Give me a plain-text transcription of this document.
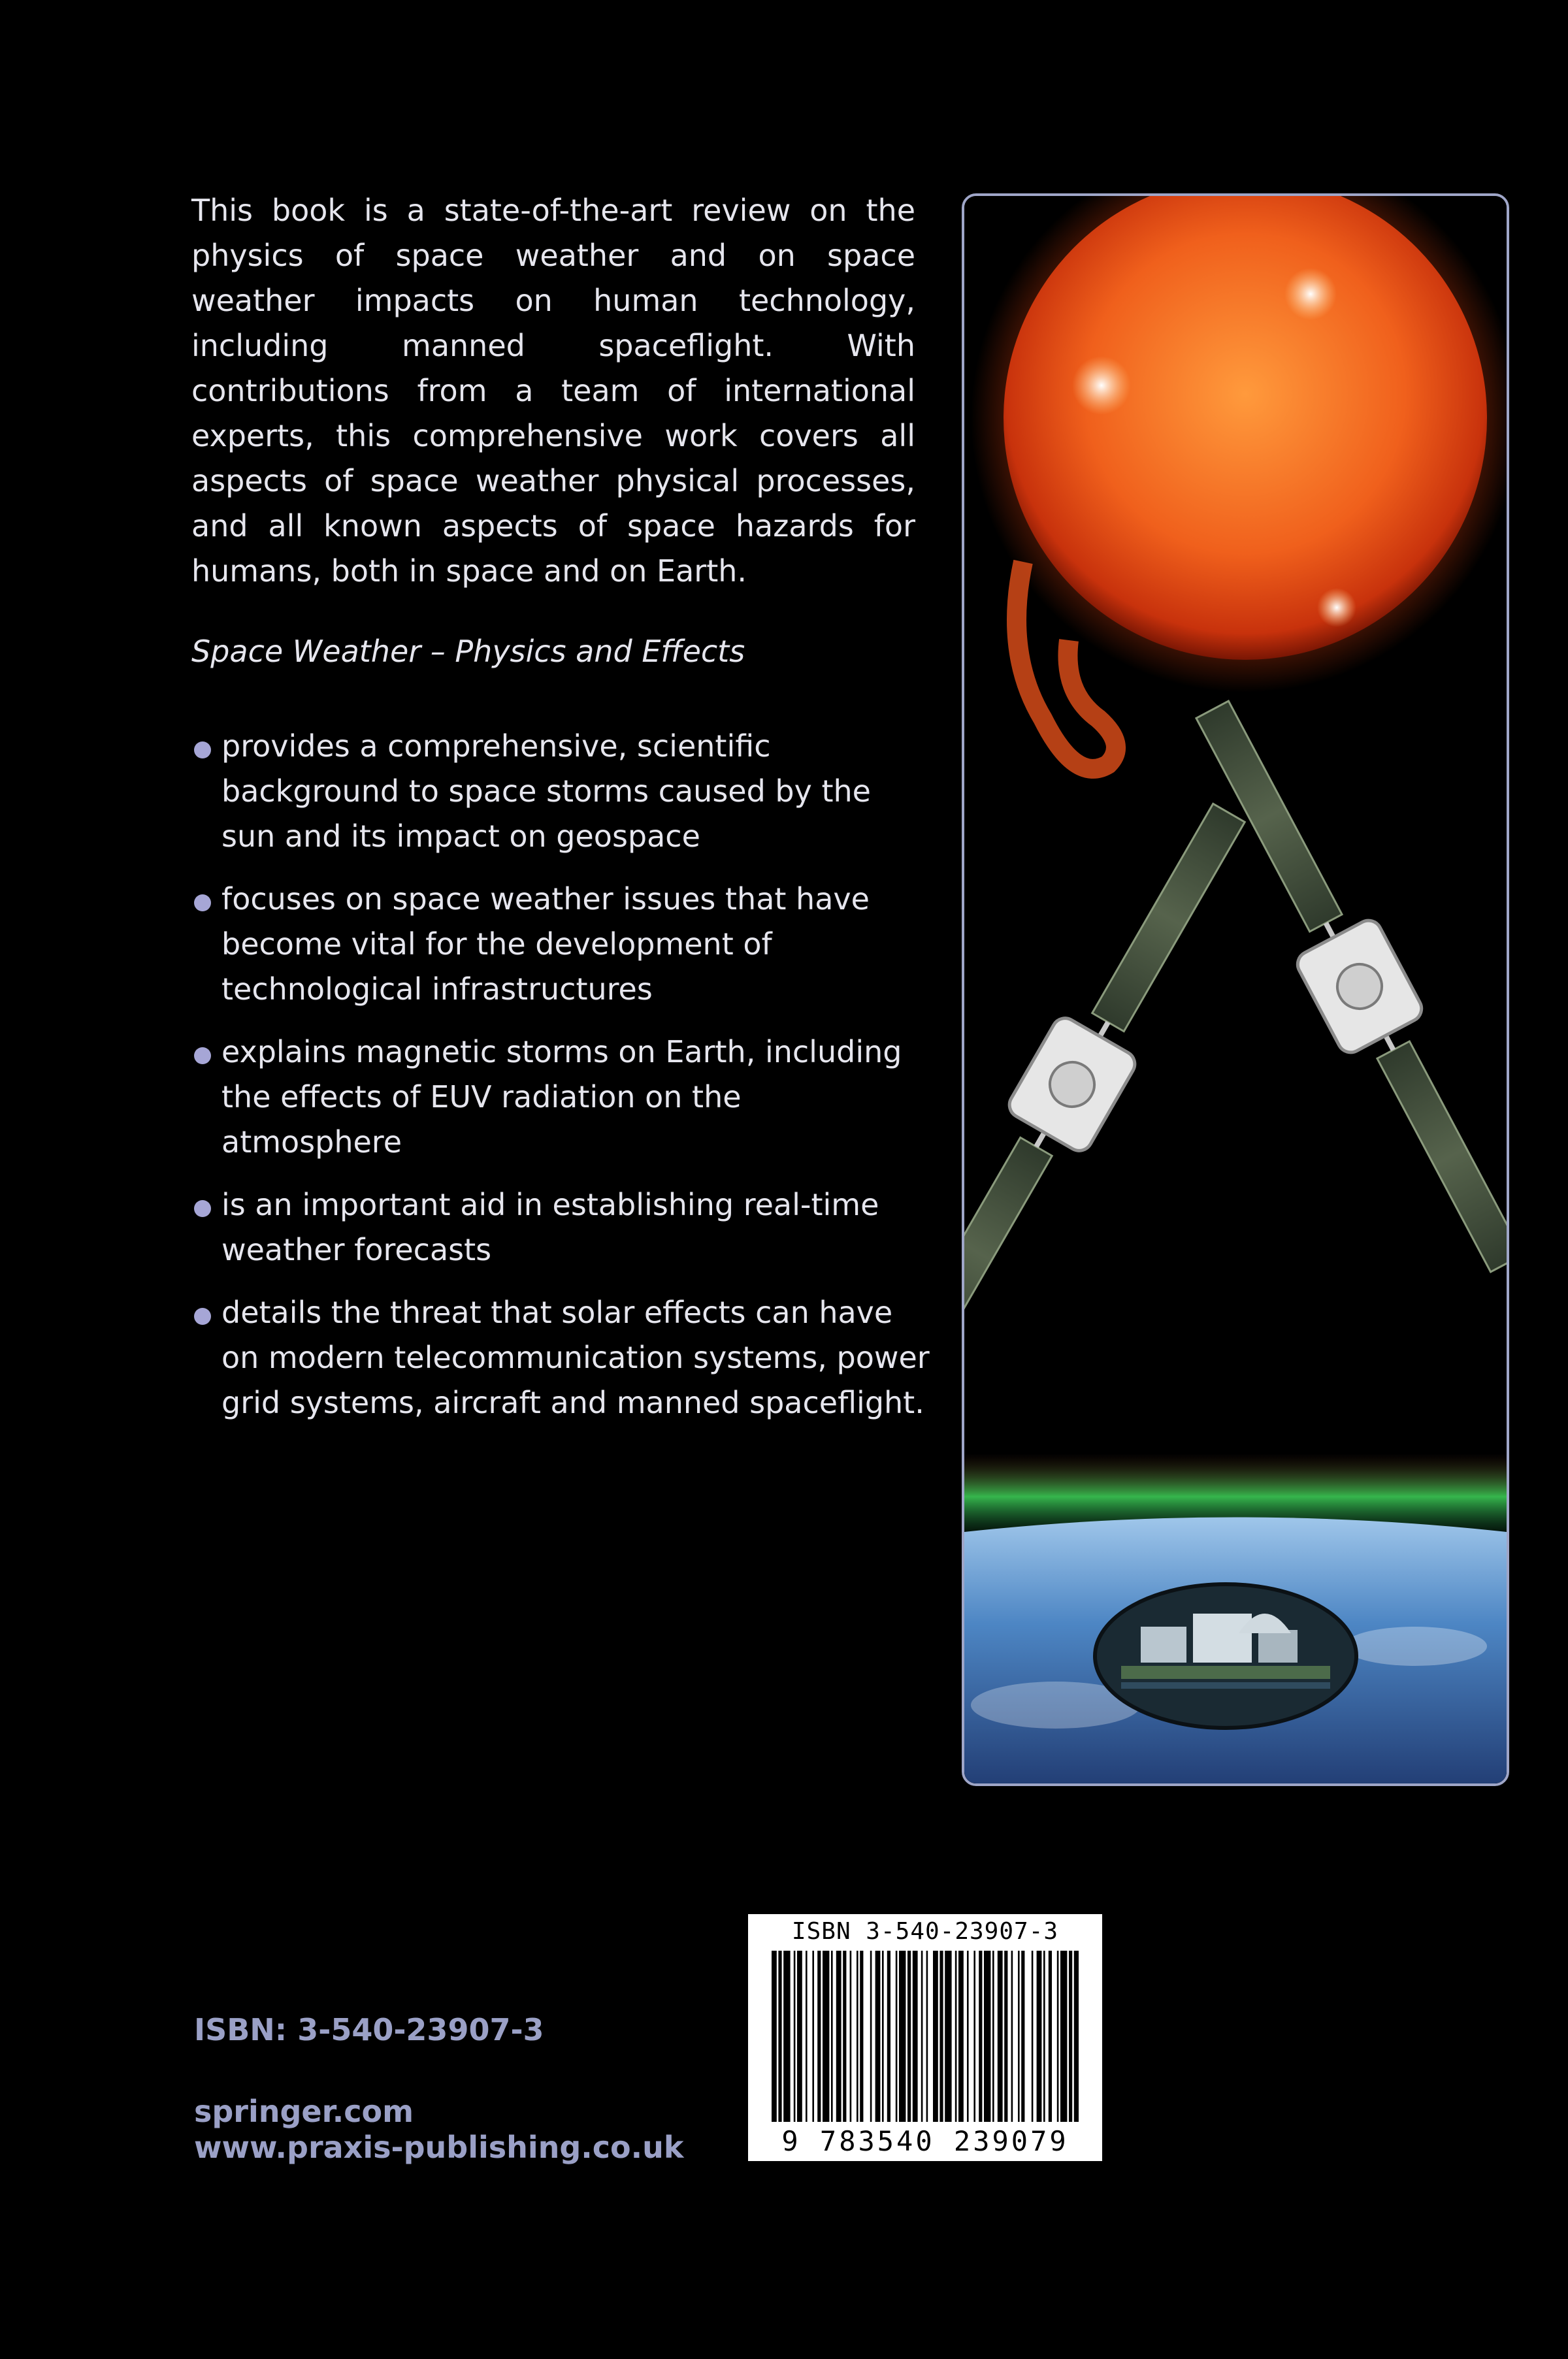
This book is a state-of-the-art review on the physics of space weather and on space weather impacts on human technology, including manned spaceflight. With contributions from a team of international experts, this comprehensive work covers all aspects of space weather physical processes, and all known aspects of space hazards for humans, both in space and on Earth.

Space Weather – Physics and Effects

provides a comprehensive, scientific background to space storms caused by the sun and its impact on geospace
focuses on space weather issues that have become vital for the development of technological infrastructures
explains magnetic storms on Earth, including the effects of EUV radiation on the atmosphere
is an important aid in establishing real-time weather forecasts
details the threat that solar effects can have on modern telecommunication systems, power grid systems, aircraft and manned spaceflight.

ISBN: 3-540-23907-3

springer.com

www.praxis-publishing.co.uk

ISBN 3-540-23907-3
9 783540 239079
